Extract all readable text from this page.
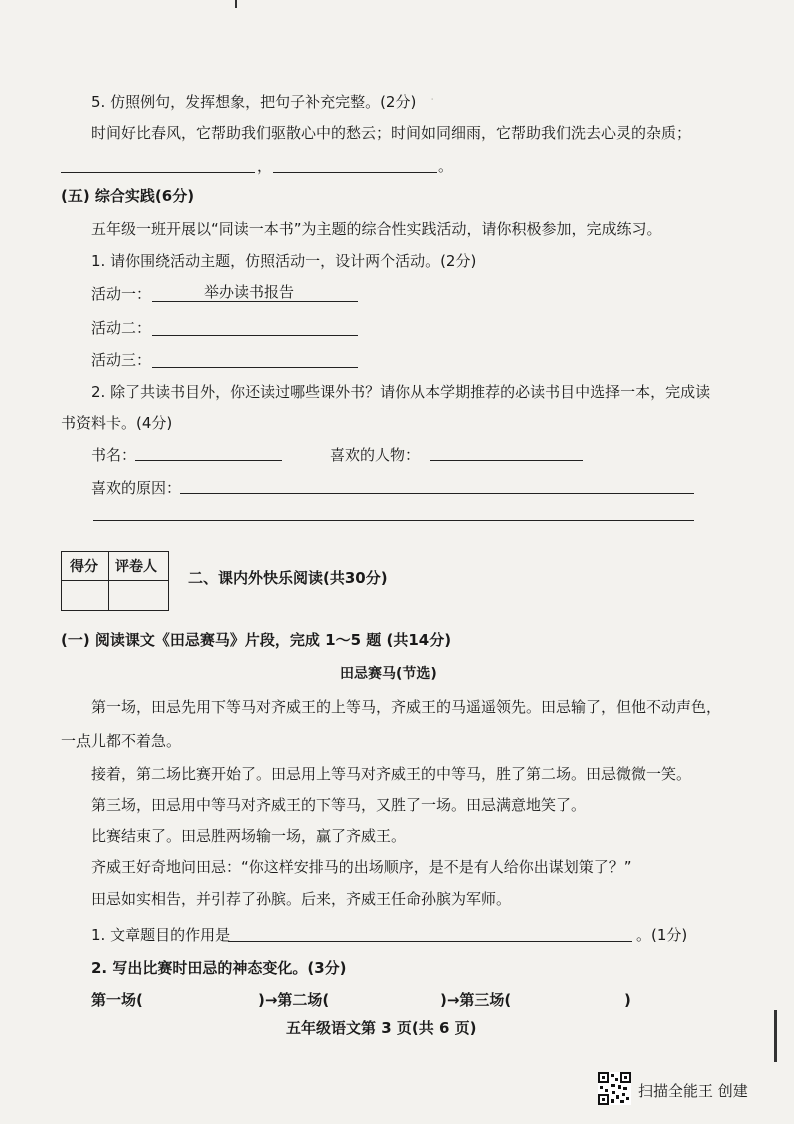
·
5. 仿照例句，发挥想象，把句子补充完整。(2分)
时间好比春风，它帮助我们驱散心中的愁云；时间如同细雨，它帮助我们洗去心灵的杂质；
，	。
(五) 综合实践(6分)
五年级一班开展以“同读一本书”为主题的综合性实践活动，请你积极参加，完成练习。
1. 请你围绕活动主题，仿照活动一，设计两个活动。(2分)
活动一：	举办读书报告
活动二：
活动三：
2. 除了共读书目外，你还读过哪些课外书？请你从本学期推荐的必读书目中选择一本，完成读
书资料卡。(4分)
书名：	喜欢的人物：
喜欢的原因：
得分 评卷人
二、课内外快乐阅读(共30分)
(一) 阅读课文《田忌赛马》片段，完成 1～5 题 (共14分)
田忌赛马(节选)
第一场，田忌先用下等马对齐威王的上等马，齐威王的马遥遥领先。田忌输了，但他不动声色，
一点儿都不着急。
接着，第二场比赛开始了。田忌用上等马对齐威王的中等马，胜了第二场。田忌微微一笑。
第三场，田忌用中等马对齐威王的下等马，又胜了一场。田忌满意地笑了。
比赛结束了。田忌胜两场输一场，赢了齐威王。
齐威王好奇地问田忌：“你这样安排马的出场顺序，是不是有人给你出谋划策了？”
田忌如实相告，并引荐了孙膑。后来，齐威王任命孙膑为军师。
1. 文章题目的作用是	。(1分)
2. 写出比赛时田忌的神态变化。(3分)
第一场(	)→第二场(	)→第三场(	)
五年级语文第 3 页(共 6 页)
扫描全能王 创建
